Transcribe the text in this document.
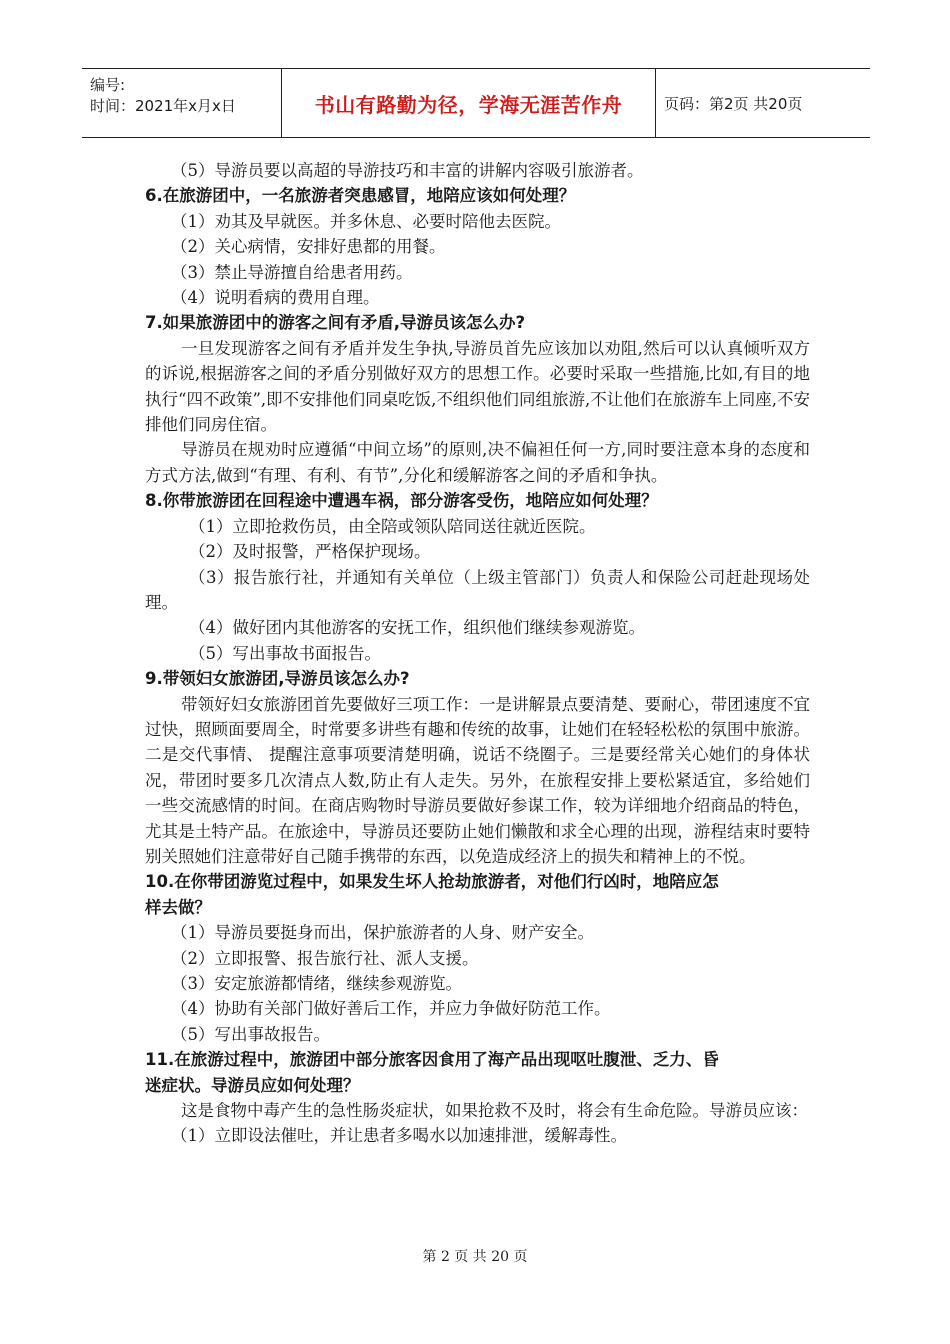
编号:
时间：2021年x月x日	书山有路勤为径，学海无涯苦作舟	页码：第2页 共20页
（5）导游员要以高超的导游技巧和丰富的讲解内容吸引旅游者。
6.在旅游团中，一名旅游者突患感冒，地陪应该如何处理？
（1）劝其及早就医。并多休息、必要时陪他去医院。
（2）关心病情，安排好患都的用餐。
（3）禁止导游擅自给患者用药。
（4）说明看病的费用自理。
7.如果旅游团中的游客之间有矛盾,导游员该怎么办?
一旦发现游客之间有矛盾并发生争执,导游员首先应该加以劝阻,然后可以认真倾听双方的诉说,根据游客之间的矛盾分别做好双方的思想工作。必要时采取一些措施,比如,有目的地执行“四不政策”,即不安排他们同桌吃饭,不组织他们同组旅游,不让他们在旅游车上同座,不安排他们同房住宿。
导游员在规劝时应遵循“中间立场”的原则,决不偏袒任何一方,同时要注意本身的态度和方式方法,做到“有理、有利、有节”,分化和缓解游客之间的矛盾和争执。
8.你带旅游团在回程途中遭遇车祸，部分游客受伤，地陪应如何处理？
（1）立即抢救伤员，由全陪或领队陪同送往就近医院。
（2）及时报警，严格保护现场。
（3）报告旅行社，并通知有关单位（上级主管部门）负责人和保险公司赶赴现场处理。
（4）做好团内其他游客的安抚工作，组织他们继续参观游览。
（5）写出事故书面报告。
9.带领妇女旅游团,导游员该怎么办?
带领好妇女旅游团首先要做好三项工作：一是讲解景点要清楚、要耐心，带团速度不宜过快，照顾面要周全，时常要多讲些有趣和传统的故事，让她们在轻轻松松的氛围中旅游。二是交代事情、 提醒注意事项要清楚明确，说话不绕圈子。三是要经常关心她们的身体状况，带团时要多几次清点人数,防止有人走失。另外，在旅程安排上要松紧适宜，多给她们一些交流感情的时间。在商店购物时导游员要做好参谋工作，较为详细地介绍商品的特色，尤其是土特产品。在旅途中，导游员还要防止她们懒散和求全心理的出现，游程结束时要特别关照她们注意带好自己随手携带的东西，以免造成经济上的损失和精神上的不悦。
10.在你带团游览过程中，如果发生坏人抢劫旅游者，对他们行凶时，地陪应怎
样去做？
（1）导游员要挺身而出，保护旅游者的人身、财产安全。
（2）立即报警、报告旅行社、派人支援。
（3）安定旅游都情绪，继续参观游览。
（4）协助有关部门做好善后工作，并应力争做好防范工作。
（5）写出事故报告。
11.在旅游过程中，旅游团中部分旅客因食用了海产品出现呕吐腹泄、乏力、昏
迷症状。导游员应如何处理？
这是食物中毒产生的急性肠炎症状，如果抢救不及时，将会有生命危险。导游员应该：
（1）立即设法催吐，并让患者多喝水以加速排泄，缓解毒性。
第 2 页 共 20 页
